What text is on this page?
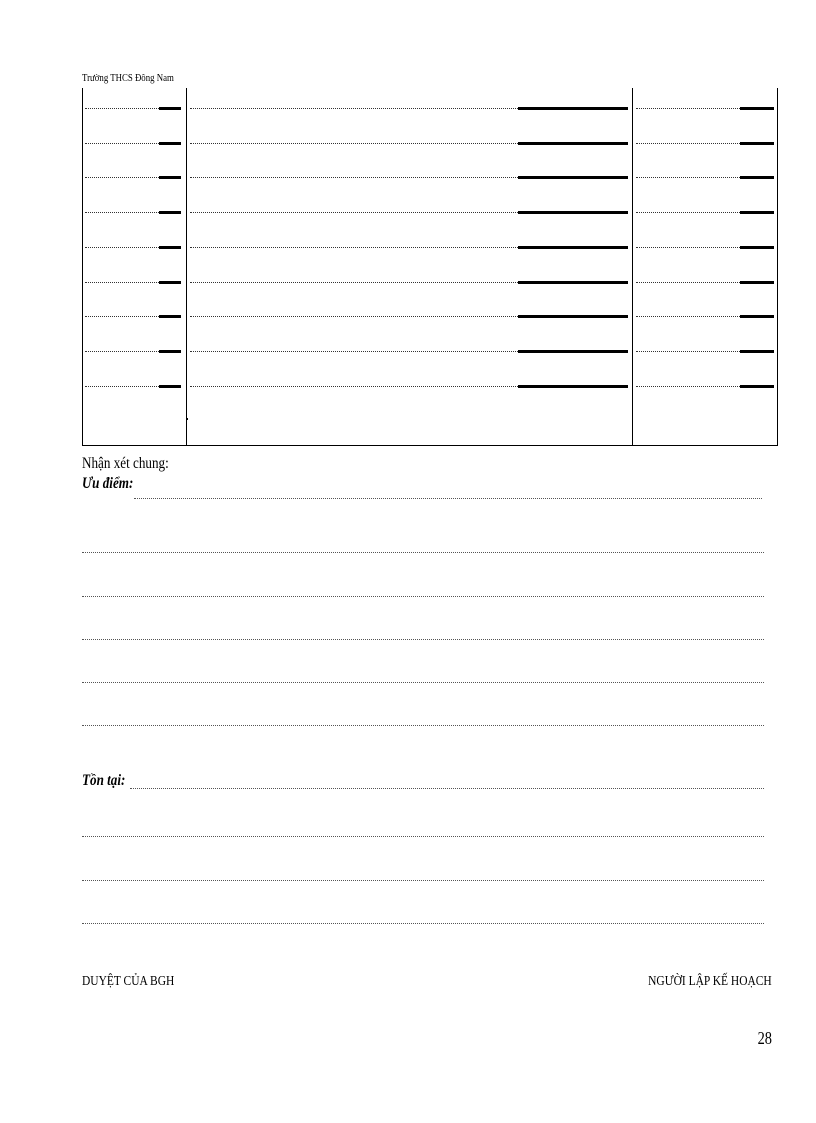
Trường THCS Đông Nam
Nhận xét chung:
Ưu điểm:
Tồn tại:
DUYỆT CỦA BGH	NGƯỜI LẬP KẾ HOẠCH
28
